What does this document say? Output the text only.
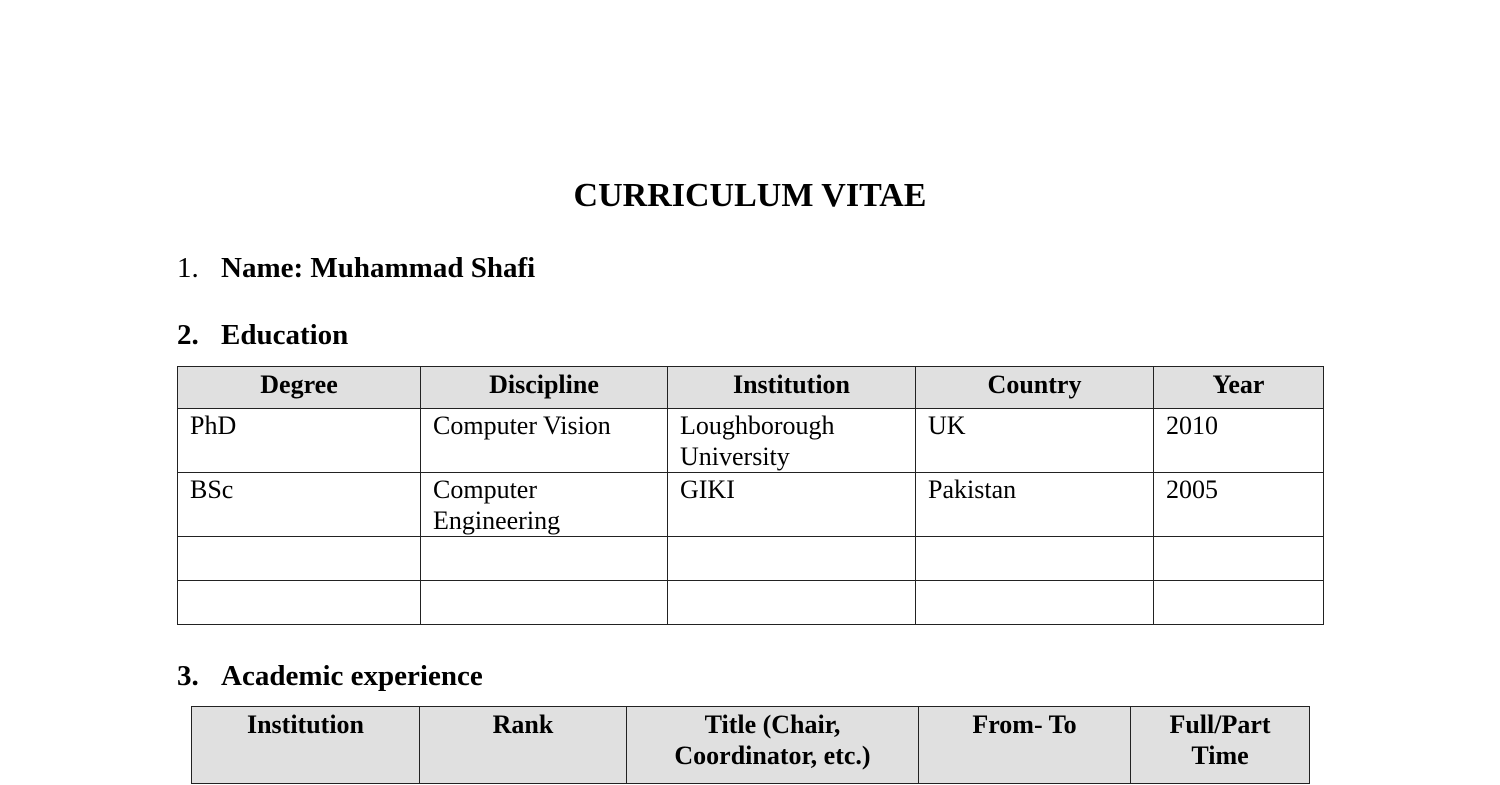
CURRICULUM VITAE
1. Name: Muhammad Shafi
2. Education
Degree	Discipline	Institution	Country	Year
PhD	Computer Vision	Loughborough University	UK	2010
BSc	Computer Engineering	GIKI	Pakistan	2005

3. Academic experience
Institution	Rank	Title (Chair, Coordinator, etc.)	From- To	Full/Part Time
